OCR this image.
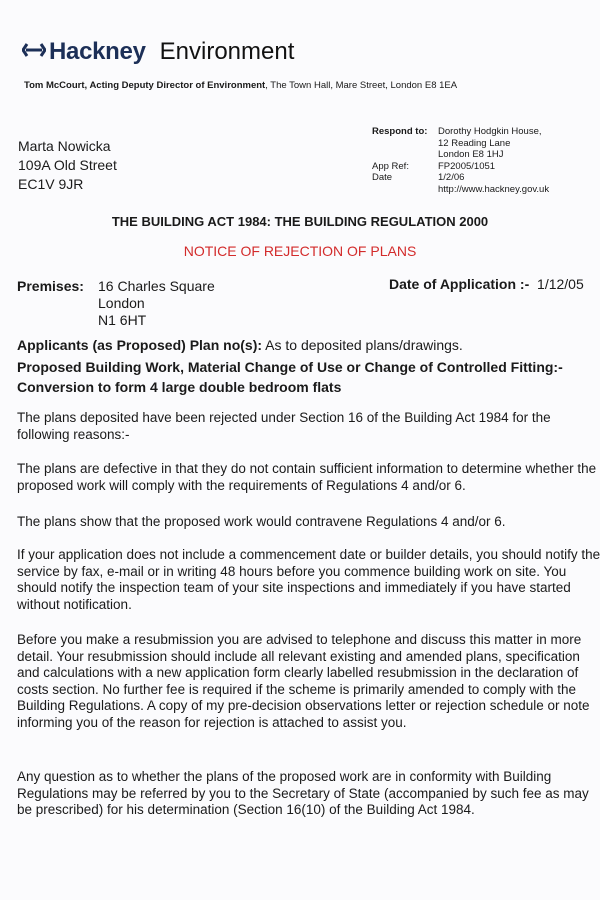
Hackney Environment
Tom McCourt, Acting Deputy Director of Environment, The Town Hall, Mare Street, London E8 1EA
Marta Nowicka
109A Old Street
EC1V 9JR
Respond to:	Dorothy Hodgkin House,
12 Reading Lane
London E8 1HJ
App Ref:	FP2005/1051
Date	1/2/06
http://www.hackney.gov.uk
THE BUILDING ACT 1984: THE BUILDING REGULATION 2000
NOTICE OF REJECTION OF PLANS
Premises: 16 Charles Square
London
N1 6HT
Date of Application :- 1/12/05
Applicants (as Proposed) Plan no(s): As to deposited plans/drawings.
Proposed Building Work, Material Change of Use or Change of Controlled Fitting:-
Conversion to form 4 large double bedroom flats
The plans deposited have been rejected under Section 16 of the Building Act 1984 for the following reasons:-
The plans are defective in that they do not contain sufficient information to determine whether the proposed work will comply with the requirements of Regulations 4 and/or 6.
The plans show that the proposed work would contravene Regulations 4 and/or 6.
If your application does not include a commencement date or builder details, you should notify the service by fax, e-mail or in writing 48 hours before you commence building work on site. You should notify the inspection team of your site inspections and immediately if you have started without notification.
Before you make a resubmission you are advised to telephone and discuss this matter in more detail. Your resubmission should include all relevant existing and amended plans, specification and calculations with a new application form clearly labelled resubmission in the declaration of costs section. No further fee is required if the scheme is primarily amended to comply with the Building Regulations. A copy of my pre-decision observations letter or rejection schedule or note informing you of the reason for rejection is attached to assist you.
Any question as to whether the plans of the proposed work are in conformity with Building Regulations may be referred by you to the Secretary of State (accompanied by such fee as may be prescribed) for his determination (Section 16(10) of the Building Act 1984.
